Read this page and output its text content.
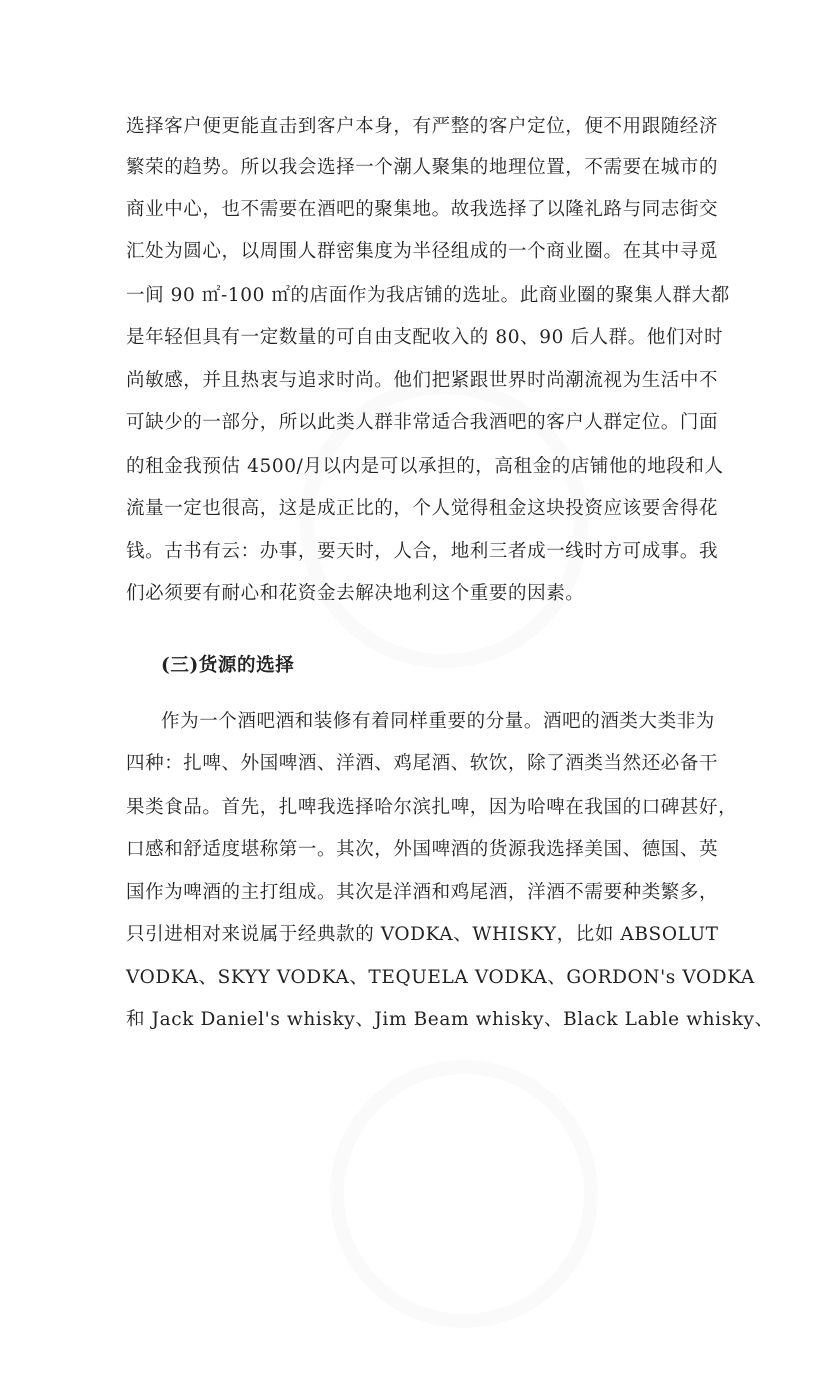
选择客户便更能直击到客户本身，有严整的客户定位，便不用跟随经济
繁荣的趋势。所以我会选择一个潮人聚集的地理位置，不需要在城市的
商业中心，也不需要在酒吧的聚集地。故我选择了以隆礼路与同志街交
汇处为圆心，以周围人群密集度为半径组成的一个商业圈。在其中寻觅
一间 90 ㎡-100 ㎡的店面作为我店铺的选址。此商业圈的聚集人群大都
是年轻但具有一定数量的可自由支配收入的 80、90 后人群。他们对时
尚敏感，并且热衷与追求时尚。他们把紧跟世界时尚潮流视为生活中不
可缺少的一部分，所以此类人群非常适合我酒吧的客户人群定位。门面
的租金我预估 4500/月以内是可以承担的，高租金的店铺他的地段和人
流量一定也很高，这是成正比的，个人觉得租金这块投资应该要舍得花
钱。古书有云：办事，要天时，人合，地利三者成一线时方可成事。我
们必须要有耐心和花资金去解决地利这个重要的因素。
(三)货源的选择
作为一个酒吧酒和装修有着同样重要的分量。酒吧的酒类大类非为
四种：扎啤、外国啤酒、洋酒、鸡尾酒、软饮，除了酒类当然还必备干
果类食品。首先，扎啤我选择哈尔滨扎啤，因为哈啤在我国的口碑甚好，
口感和舒适度堪称第一。其次，外国啤酒的货源我选择美国、德国、英
国作为啤酒的主打组成。其次是洋酒和鸡尾酒，洋酒不需要种类繁多，
只引进相对来说属于经典款的 VODKA、WHISKY，比如 ABSOLUT
VODKA、SKYY VODKA、TEQUELA VODKA、GORDON's VODKA
和 Jack Daniel's whisky、Jim Beam whisky、Black Lable whisky、
